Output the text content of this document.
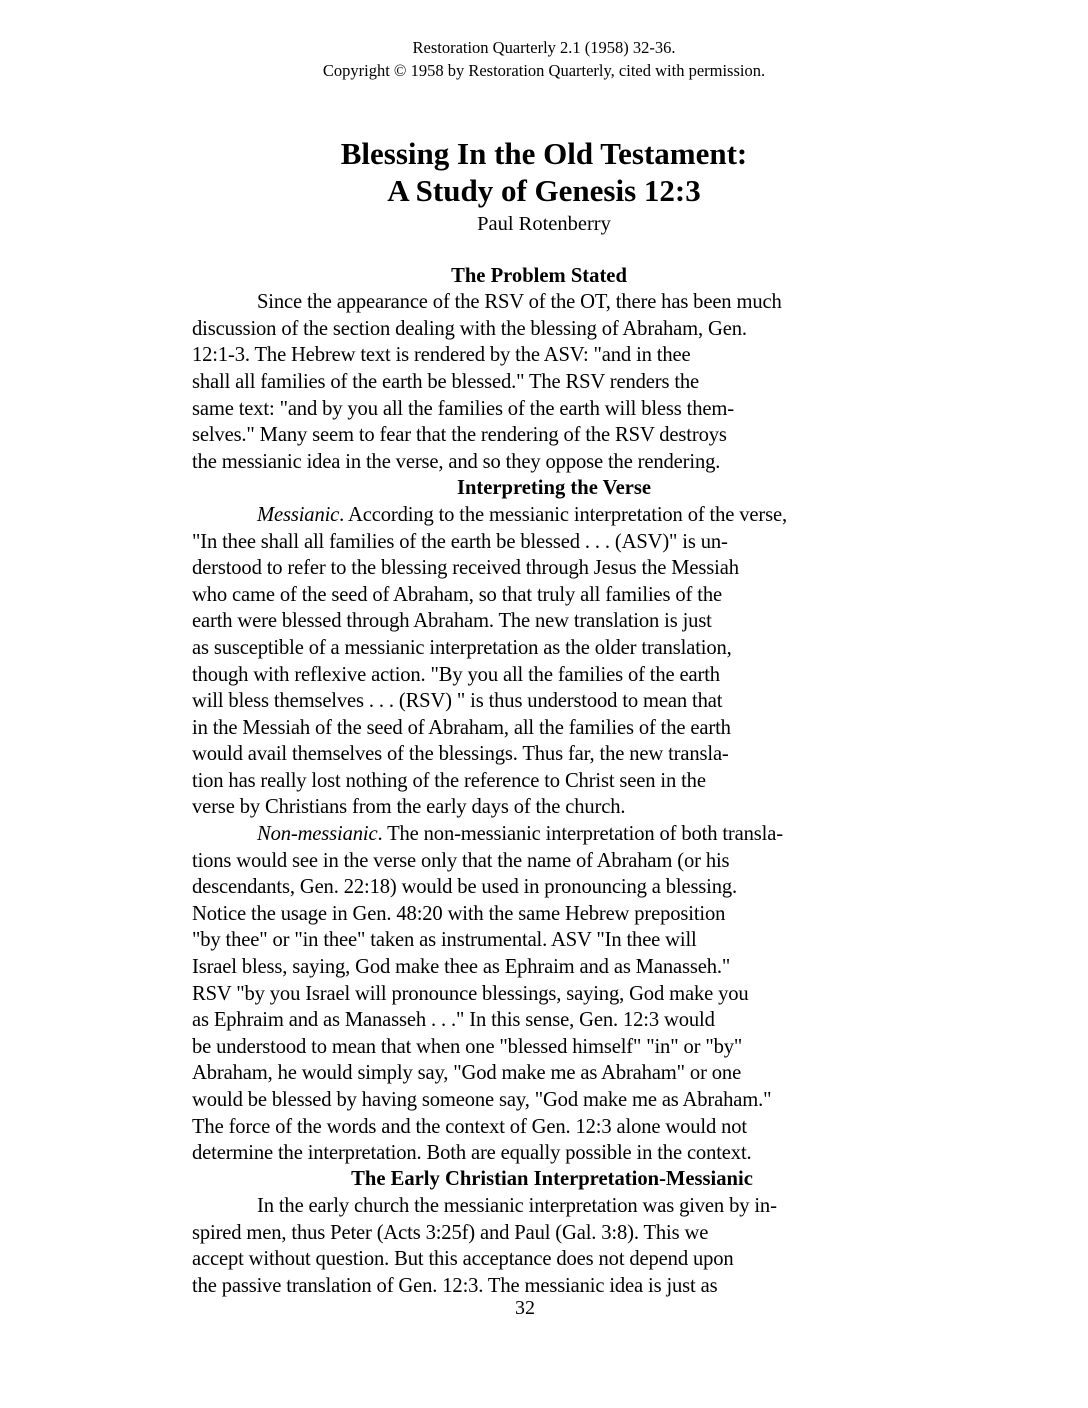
Restoration Quarterly 2.1 (1958) 32-36.
Copyright © 1958 by Restoration Quarterly, cited with permission.
Blessing In the Old Testament:
A Study of Genesis 12:3
Paul Rotenberry
The Problem Stated
Since the appearance of the RSV of the OT, there has been much
discussion of the section dealing with the blessing of Abraham, Gen.
12:1-3. The Hebrew text is rendered by the ASV: "and in thee
shall all families of the earth be blessed." The RSV renders the
same text: "and by you all the families of the earth will bless them-
selves." Many seem to fear that the rendering of the RSV destroys
the messianic idea in the verse, and so they oppose the rendering.
Interpreting the Verse
Messianic. According to the messianic interpretation of the verse,
"In thee shall all families of the earth be blessed . . . (ASV)" is un-
derstood to refer to the blessing received through Jesus the Messiah
who came of the seed of Abraham, so that truly all families of the
earth were blessed through Abraham. The new translation is just
as susceptible of a messianic interpretation as the older translation,
though with reflexive action. "By you all the families of the earth
will bless themselves . . . (RSV) " is thus understood to mean that
in the Messiah of the seed of Abraham, all the families of the earth
would avail themselves of the blessings. Thus far, the new transla-
tion has really lost nothing of the reference to Christ seen in the
verse by Christians from the early days of the church.
Non-messianic. The non-messianic interpretation of both transla-
tions would see in the verse only that the name of Abraham (or his
descendants, Gen. 22:18) would be used in pronouncing a blessing.
Notice the usage in Gen. 48:20 with the same Hebrew preposition
"by thee" or "in thee" taken as instrumental. ASV "In thee will
Israel bless, saying, God make thee as Ephraim and as Manasseh."
RSV "by you Israel will pronounce blessings, saying, God make you
as Ephraim and as Manasseh . . ." In this sense, Gen. 12:3 would
be understood to mean that when one "blessed himself" "in" or "by"
Abraham, he would simply say, "God make me as Abraham" or one
would be blessed by having someone say, "God make me as Abraham."
The force of the words and the context of Gen. 12:3 alone would not
determine the interpretation. Both are equally possible in the context.
The Early Christian Interpretation-Messianic
In the early church the messianic interpretation was given by in-
spired men, thus Peter (Acts 3:25f) and Paul (Gal. 3:8). This we
accept without question. But this acceptance does not depend upon
the passive translation of Gen. 12:3. The messianic idea is just as
32
